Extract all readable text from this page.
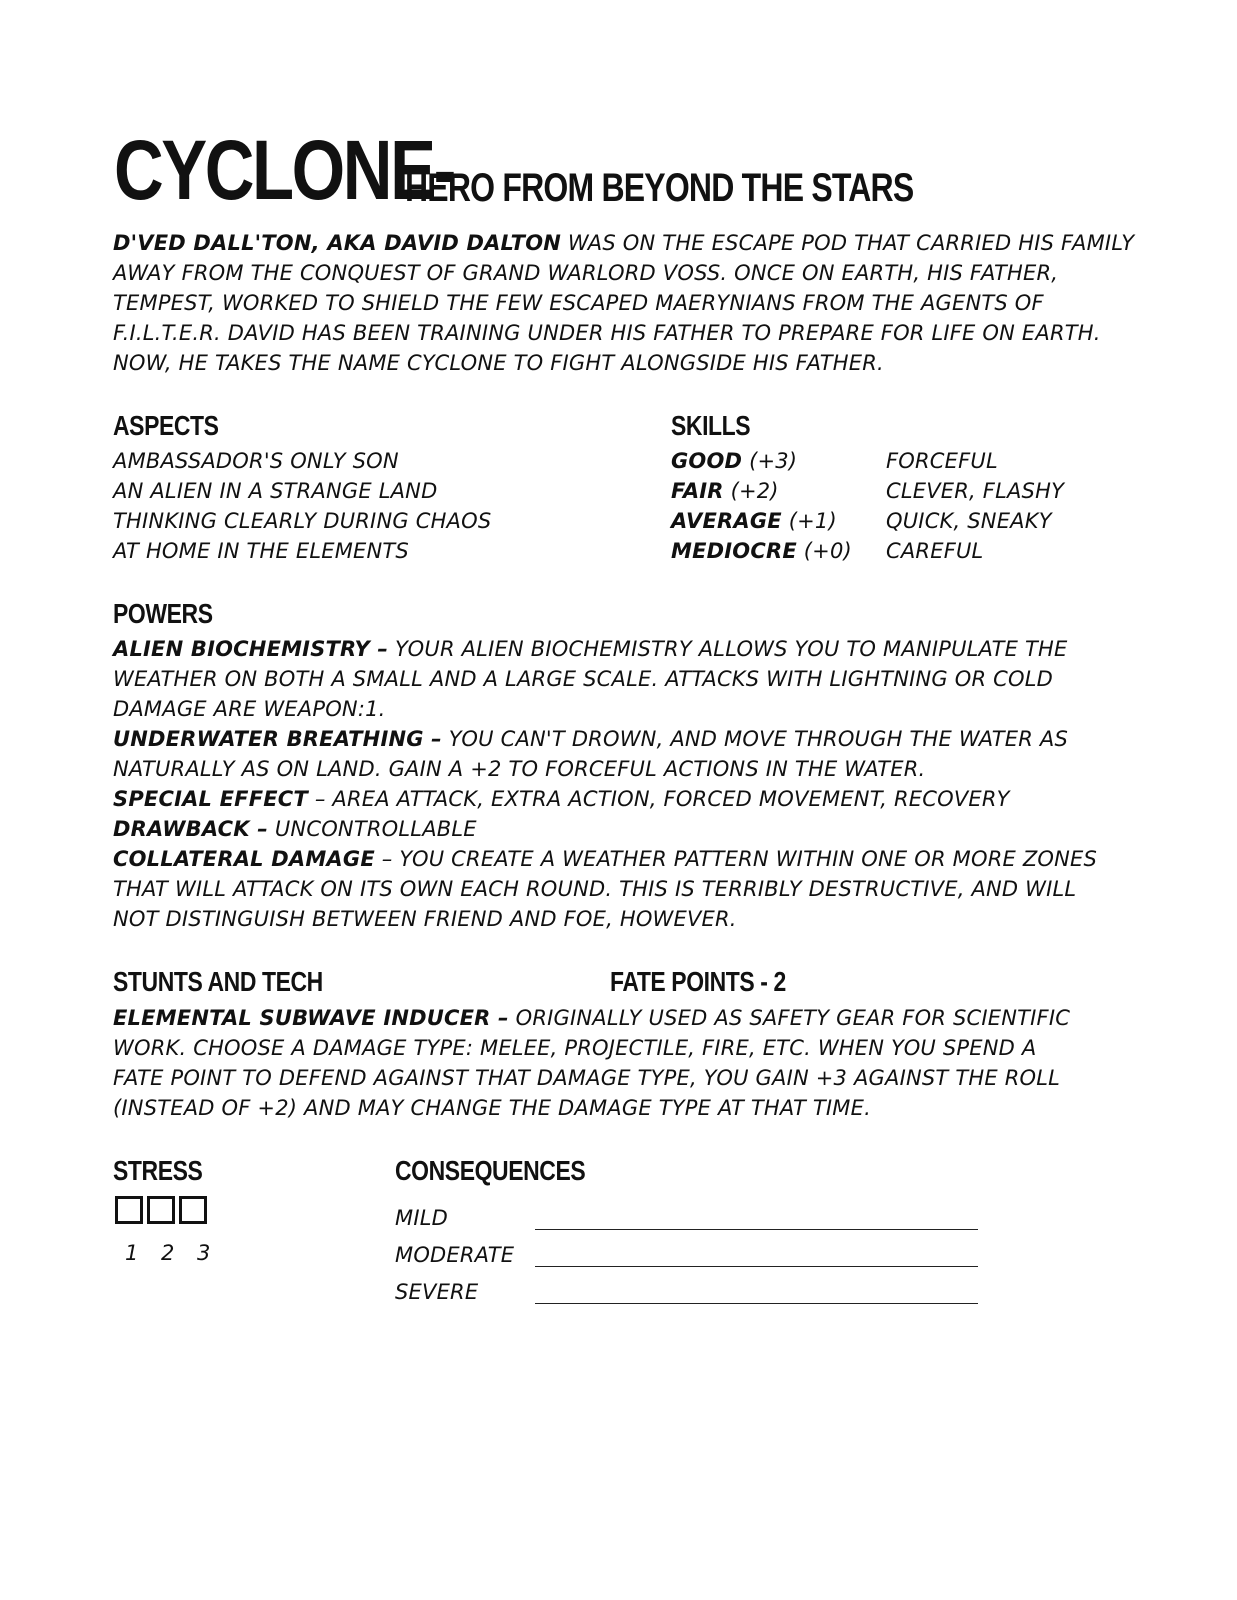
CYCLONE-
HERO FROM BEYOND THE STARS
D'VED DALL'TON, AKA DAVID DALTON WAS ON THE ESCAPE POD THAT CARRIED HIS FAMILY
AWAY FROM THE CONQUEST OF GRAND WARLORD VOSS. ONCE ON EARTH, HIS FATHER,
TEMPEST, WORKED TO SHIELD THE FEW ESCAPED MAERYNIANS FROM THE AGENTS OF
F.I.L.T.E.R. DAVID HAS BEEN TRAINING UNDER HIS FATHER TO PREPARE FOR LIFE ON EARTH.
NOW, HE TAKES THE NAME CYCLONE TO FIGHT ALONGSIDE HIS FATHER.
ASPECTS
AMBASSADOR'S ONLY SON
AN ALIEN IN A STRANGE LAND
THINKING CLEARLY DURING CHAOS
AT HOME IN THE ELEMENTS
SKILLS
GOOD (+3)
FAIR (+2)
AVERAGE (+1)
MEDIOCRE (+0)
FORCEFUL
CLEVER, FLASHY
QUICK, SNEAKY
CAREFUL
POWERS
ALIEN BIOCHEMISTRY – YOUR ALIEN BIOCHEMISTRY ALLOWS YOU TO MANIPULATE THE
WEATHER ON BOTH A SMALL AND A LARGE SCALE. ATTACKS WITH LIGHTNING OR COLD
DAMAGE ARE WEAPON:1.
UNDERWATER BREATHING – YOU CAN'T DROWN, AND MOVE THROUGH THE WATER AS
NATURALLY AS ON LAND. GAIN A +2 TO FORCEFUL ACTIONS IN THE WATER.
SPECIAL EFFECT – AREA ATTACK, EXTRA ACTION, FORCED MOVEMENT, RECOVERY
DRAWBACK – UNCONTROLLABLE
COLLATERAL DAMAGE – YOU CREATE A WEATHER PATTERN WITHIN ONE OR MORE ZONES
THAT WILL ATTACK ON ITS OWN EACH ROUND. THIS IS TERRIBLY DESTRUCTIVE, AND WILL
NOT DISTINGUISH BETWEEN FRIEND AND FOE, HOWEVER.
STUNTS AND TECH	FATE POINTS - 2
ELEMENTAL SUBWAVE INDUCER – ORIGINALLY USED AS SAFETY GEAR FOR SCIENTIFIC
WORK. CHOOSE A DAMAGE TYPE: MELEE, PROJECTILE, FIRE, ETC. WHEN YOU SPEND A
FATE POINT TO DEFEND AGAINST THAT DAMAGE TYPE, YOU GAIN +3 AGAINST THE ROLL
(INSTEAD OF +2) AND MAY CHANGE THE DAMAGE TYPE AT THAT TIME.
STRESS
1 2 3
CONSEQUENCES
MILD
MODERATE
SEVERE
